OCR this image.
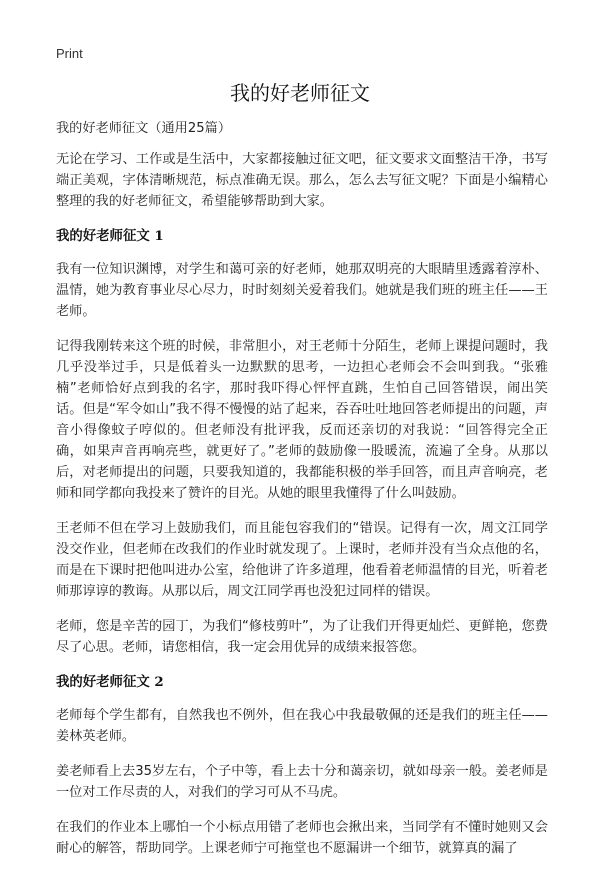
Print
我的好老师征文

我的好老师征文（通用25篇）

无论在学习、工作或是生活中，大家都接触过征文吧，征文要求文面整洁干净，书写端正美观，字体清晰规范，标点准确无误。那么，怎么去写征文呢？下面是小编精心整理的我的好老师征文，希望能够帮助到大家。

我的好老师征文 1

我有一位知识渊博，对学生和蔼可亲的好老师，她那双明亮的大眼睛里透露着淳朴、温情，她为教育事业尽心尽力，时时刻刻关爱着我们。她就是我们班的班主任——王老师。

记得我刚转来这个班的时候，非常胆小，对王老师十分陌生，老师上课提问题时，我几乎没举过手，只是低着头一边默默的思考，一边担心老师会不会叫到我。“张雅楠”老师恰好点到我的名字，那时我吓得心怦怦直跳，生怕自己回答错误，闹出笑话。但是“军令如山”我不得不慢慢的站了起来，吞吞吐吐地回答老师提出的问题，声音小得像蚊子哼似的。但老师没有批评我，反而还亲切的对我说：“回答得完全正确，如果声音再响亮些，就更好了。”老师的鼓励像一股暖流，流遍了全身。从那以后，对老师提出的问题，只要我知道的，我都能积极的举手回答，而且声音响亮，老师和同学都向我投来了赞许的目光。从她的眼里我懂得了什么叫鼓励。

王老师不但在学习上鼓励我们，而且能包容我们的“错误。记得有一次，周文江同学没交作业，但老师在改我们的作业时就发现了。上课时，老师并没有当众点他的名，而是在下课时把他叫进办公室，给他讲了许多道理，他看着老师温情的目光，听着老师那谆谆的教诲。从那以后，周文江同学再也没犯过同样的错误。

老师，您是辛苦的园丁，为我们“修枝剪叶”，为了让我们开得更灿烂、更鲜艳，您费尽了心思。老师，请您相信，我一定会用优异的成绩来报答您。

我的好老师征文 2

老师每个学生都有，自然我也不例外，但在我心中我最敬佩的还是我们的班主任——姜林英老师。

姜老师看上去35岁左右，个子中等，看上去十分和蔼亲切，就如母亲一般。姜老师是一位对工作尽责的人，对我们的学习可从不马虎。

在我们的作业本上哪怕一个小标点用错了老师也会揪出来，当同学有不懂时她则又会耐心的解答，帮助同学。上课老师宁可拖堂也不愿漏讲一个细节，就算真的漏了
